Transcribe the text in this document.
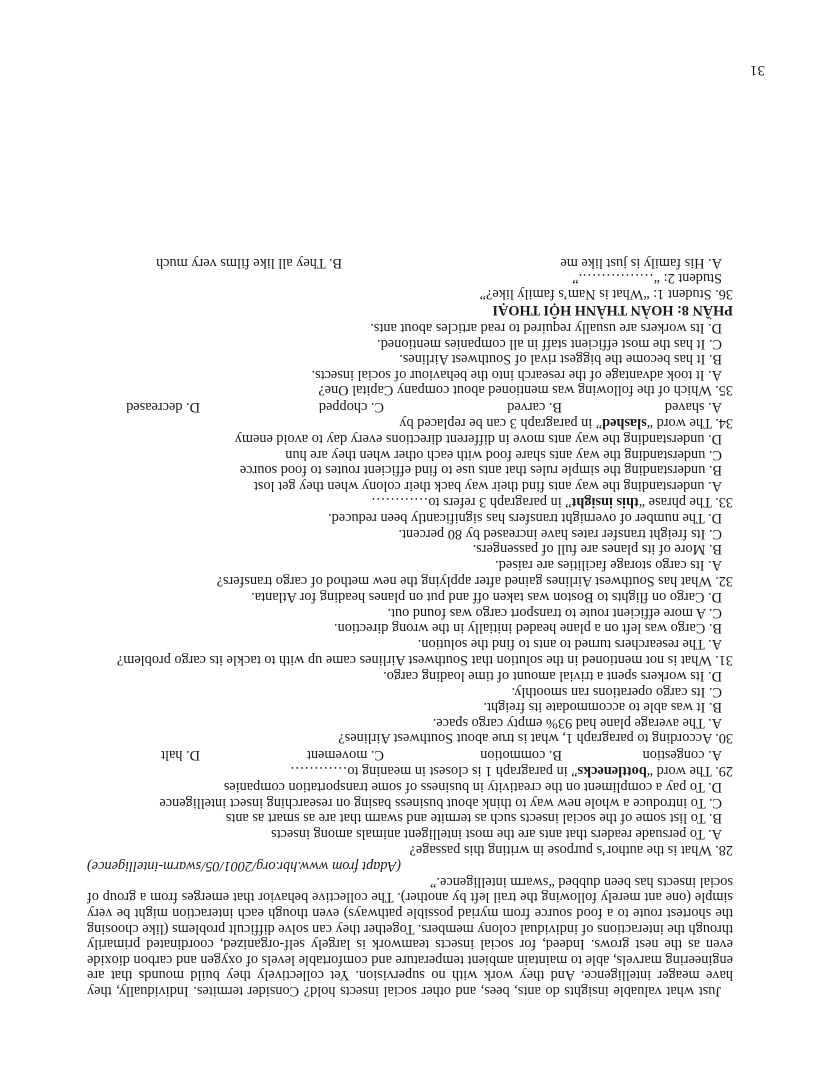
Just what valuable insights do ants, bees, and other social insects hold? Consider termites. Individually, they have meager intelligence. And they work with no supervision. Yet collectively they build mounds that are engineering marvels, able to maintain ambient temperature and comfortable levels of oxygen and carbon dioxide even as the nest grows. Indeed, for social insects teamwork is largely self-organized, coordinated primarily through the interactions of individual colony members. Together they can solve difficult problems (like choosing the shortest route to a food source from myriad possible pathways) even though each interaction might be very simple (one ant merely following the trail left by another). The collective behavior that emerges from a group of social insects has been dubbed “swarm intelligence.”

(Adapt from www.hbr.org/2001/05/swarm-intelligence)

28. What is the author’s purpose in writing this passage?

A. To persuade readers that ants are the most intelligent animals among insects

B. To list some of the social insects such as termite and swarm that are as smart as ants

C. To introduce a whole new way to think about business basing on researching insect intelligence

D. To pay a compliment on the creativity in business of some transportation companies

29. The word “bottlenecks” in paragraph 1 is closest in meaning to…………

A. congestion
B. commotion
C. movement
D. halt

30. According to paragraph 1, what is true about Southwest Airlines?

A. The average plane had 93% empty cargo space.

B. It was able to accommodate its freight.

C. Its cargo operations ran smoothly.

D. Its workers spent a trivial amount of time loading cargo.

31. What is not mentioned in the solution that Southwest Airlines came up with to tackle its cargo problem?

A. The researchers turned to ants to find the solution.

B. Cargo was left on a plane headed initially in the wrong direction.

C. A more efficient route to transport cargo was found out.

D. Cargo on flights to Boston was taken off and put on planes heading for Atlanta.

32. What has Southwest Airlines gained after applying the new method of cargo transfers?

A. Its cargo storage facilities are raised.

B. More of its planes are full of passengers.

C. Its freight transfer rates have increased by 80 percent.

D. The number of overnight transfers has significantly been reduced.

33. The phrase “this insight” in paragraph 3 refers to…………

A. understanding the way ants find their way back their colony when they get lost

B. understanding the simple rules that ants use to find efficient routes to food source

C. understanding the way ants share food with each other when they are hun

D. understanding the way ants move in different directions every day to avoid enemy

34. The word “slashed” in paragraph 3 can be replaced by

A. shaved
B. carved
C. chopped
D. decreased

35. Which of the following was mentioned about company Capital One?

A. It took advantage of the research into the behaviour of social insects.

B. It has become the biggest rival of Southwest Airlines.

C. It has the most efficient staff in all companies mentioned.

D. Its workers are usually required to read articles about ants.

PHẦN 8: HOÀN THÀNH HỘI THOẠI

36. Student 1: “What is Nam’s family like?”

Student 2: “…………….”

A. His family is just like me
B. They all like films very much
31
